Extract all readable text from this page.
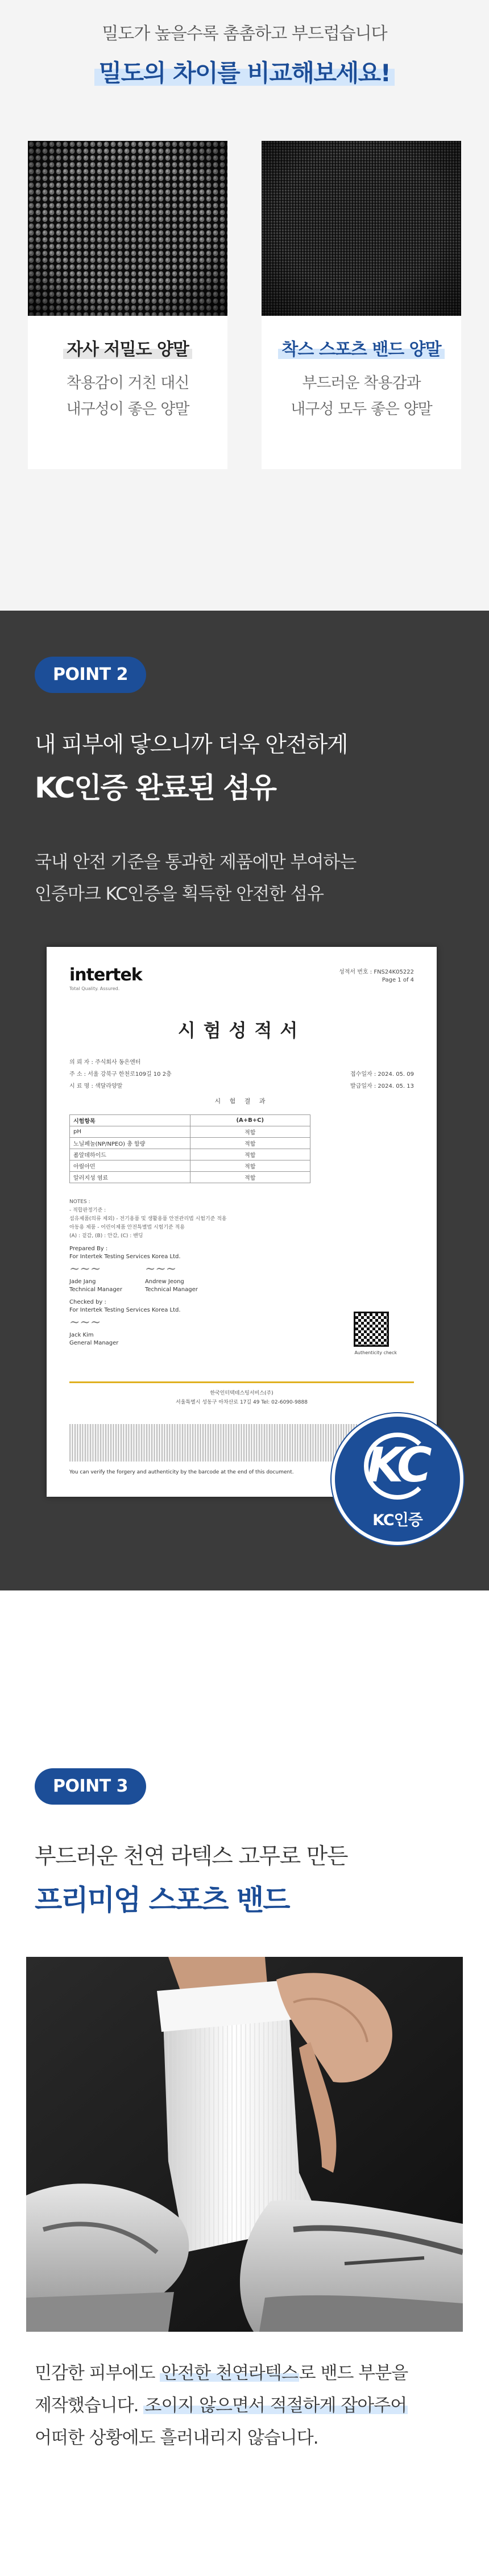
밀도가 높을수록 촘촘하고 부드럽습니다

밀도의 차이를 비교해보세요!
자사 저밀도 양말

착용감이 거친 대신
내구성이 좋은 양말

착스 스포츠 밴드 양말

부드러운 착용감과
내구성 모두 좋은 양말

POINT 2

내 피부에 닿으니까 더욱 안전하게

KC인증 완료된 섬유

국내 안전 기준을 통과한 제품에만 부여하는
인증마크 KC인증을 획득한 안전한 섬유

intertek
Total Quality. Assured.
성적서 번호 : FNS24K05222
Page 1 of 4
시험성적서
의 뢰 자 : 주식회사 동은엔터
주 소 : 서울 강북구 한천로109길 10 2층	접수일자 : 2024. 05. 09
시 료 명 : 색달라양말	발급일자 : 2024. 05. 13
시 험 결 과
시험항목	(A+B+C)
pH	적합
노닐페놀(NP/NPEO) 총 함량	적합
폼알데하이드	적합
아릴아민	적합
알러지성 염료	적합
NOTES :
- 적합판정기준 :
섬유제품(의류 제외) - 전기용품 및 생활용품 안전관리법 시험기준 적용
아동용 제품 - 어린이제품 안전특별법 시험기준 적용
(A) : 겉감, (B) : 안감, (C) : 밴딩
Prepared By :
For Intertek Testing Services Korea Ltd.
~~~
Jade Jang
Technical Manager
~~~
Andrew Jeong
Technical Manager
Checked by :
For Intertek Testing Services Korea Ltd.
~~~
Jack Kim
General Manager
Authenticity check
한국인터텍테스팅서비스(주)
서울특별시 성동구 아차산로 17길 49 Tel: 02-6090-9888
You can verify the forgery and authenticity by the barcode at the end of this document. KC
KC인증
POINT 3

부드러운 천연 라텍스 고무로 만든

프리미엄 스포츠 밴드

민감한 피부에도 안전한 천연라텍스로 밴드 부분을
제작했습니다. 조이지 않으면서 적절하게 잡아주어
어떠한 상황에도 흘러내리지 않습니다.
